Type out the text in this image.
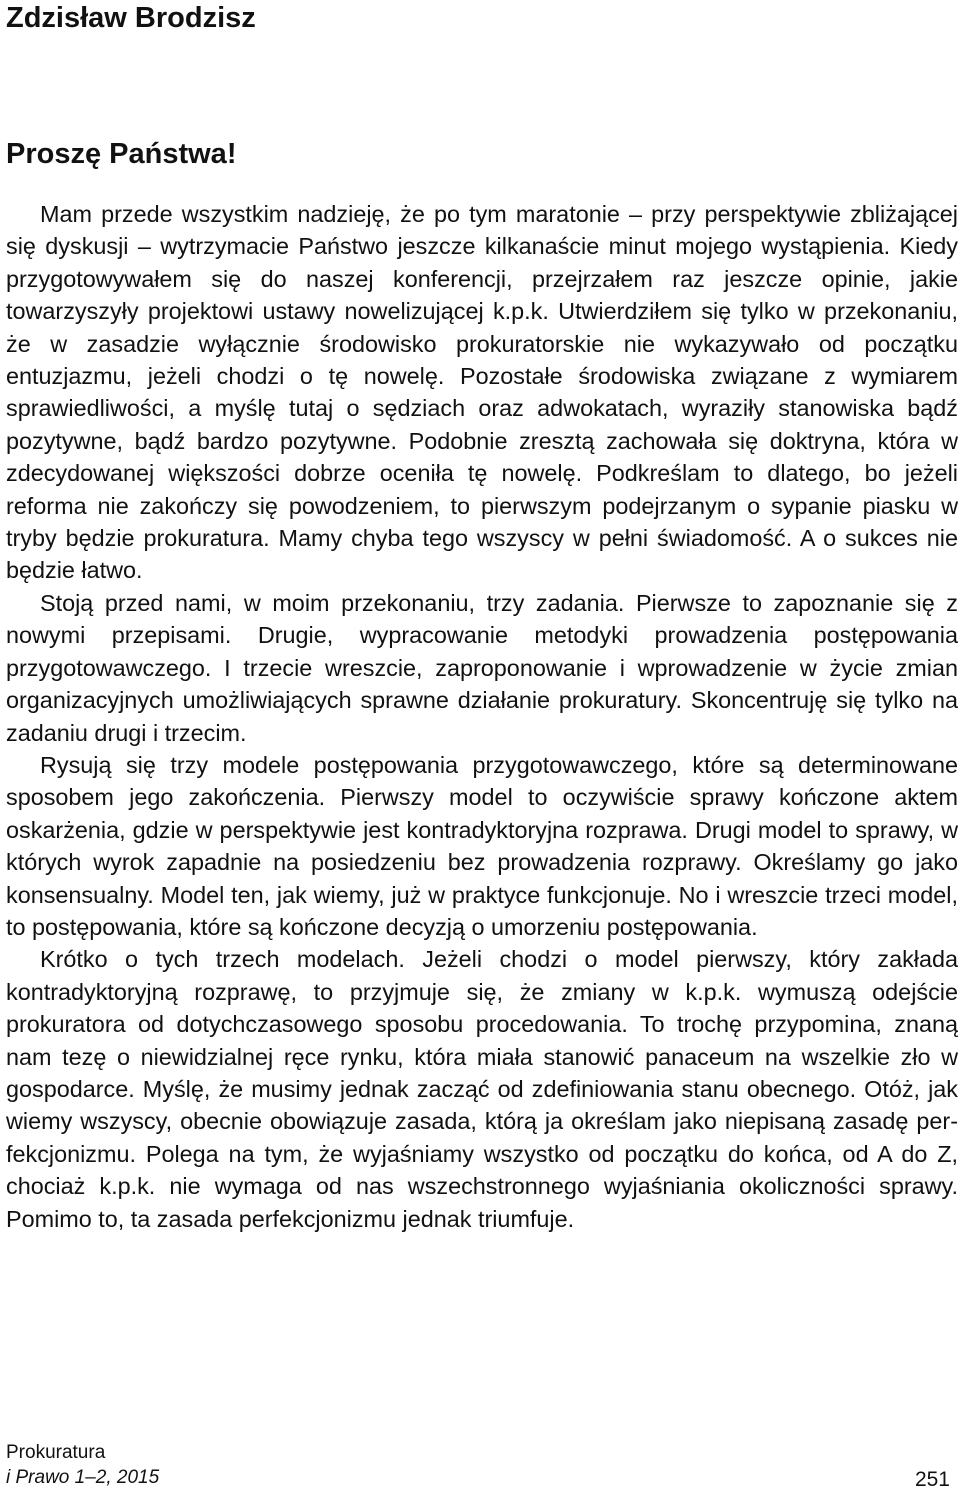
Zdzisław Brodzisz
Proszę Państwa!

Mam przede wszystkim nadzieję, że po tym maratonie – przy perspektywie zbliżającej się dyskusji – wytrzymacie Państwo jeszcze kilkanaście minut mojego wystąpienia. Kiedy przygotowywałem się do naszej konferencji, przejrzałem raz jeszcze opinie, jakie towarzyszyły projektowi ustawy nowelizującej k.p.k. Utwierdziłem się tylko w przekonaniu, że w zasadzie wyłącznie środowisko prokuratorskie nie wykazywało od początku entuzjazmu, jeżeli chodzi o tę nowelę. Pozostałe środowiska związane z wymiarem sprawiedliwości, a myślę tutaj o sędziach oraz adwokatach, wyraziły stanowiska bądź pozytywne, bądź bardzo pozytywne. Podobnie zresztą zachowała się doktryna, która w zdecydowanej większości dobrze oceniła tę nowelę. Podkreślam to dlatego, bo jeżeli reforma nie zakończy się powodzeniem, to pierwszym podejrzanym o sypanie piasku w tryby będzie prokuratura. Mamy chyba tego wszyscy w pełni świadomość. A o sukces nie będzie łatwo.

Stoją przed nami, w moim przekonaniu, trzy zadania. Pierwsze to zapoznanie się z nowymi przepisami. Drugie, wypracowanie metodyki prowadzenia postępowania przygotowawczego. I trzecie wreszcie, zaproponowanie i wprowadzenie w życie zmian organizacyjnych umożliwiających sprawne działanie prokuratury. Skoncentruję się tylko na zadaniu drugi i trzecim.

Rysują się trzy modele postępowania przygotowawczego, które są determinowane sposobem jego zakończenia. Pierwszy model to oczywiście sprawy kończone aktem oskarżenia, gdzie w perspektywie jest kontradyktoryjna rozprawa. Drugi model to sprawy, w których wyrok zapadnie na posiedzeniu bez prowadzenia rozprawy. Określamy go jako konsensualny. Model ten, jak wiemy, już w praktyce funkcjonuje. No i wreszcie trzeci model, to postępowania, które są kończone decyzją o umorzeniu postępowania.

Krótko o tych trzech modelach. Jeżeli chodzi o model pierwszy, który zakłada kontradyktoryjną rozprawę, to przyjmuje się, że zmiany w k.p.k. wymuszą odejście prokuratora od dotychczasowego sposobu procedowania. To trochę przypomina, znaną nam tezę o niewidzialnej ręce rynku, która miała stanowić panaceum na wszelkie zło w gospodarce. Myślę, że musimy jednak zacząć od zdefiniowania stanu obecnego. Otóż, jak wiemy wszyscy, obecnie obowiązuje zasada, którą ja określam jako niepisaną zasadę perfekcjonizmu. Polega na tym, że wyjaśniamy wszystko od początku do końca, od A do Z, chociaż k.p.k. nie wymaga od nas wszechstronnego wyjaśniania okoliczności sprawy. Pomimo to, ta zasada perfekcjonizmu jednak triumfuje.

Prokuratura
i Prawo 1–2, 2015	251
